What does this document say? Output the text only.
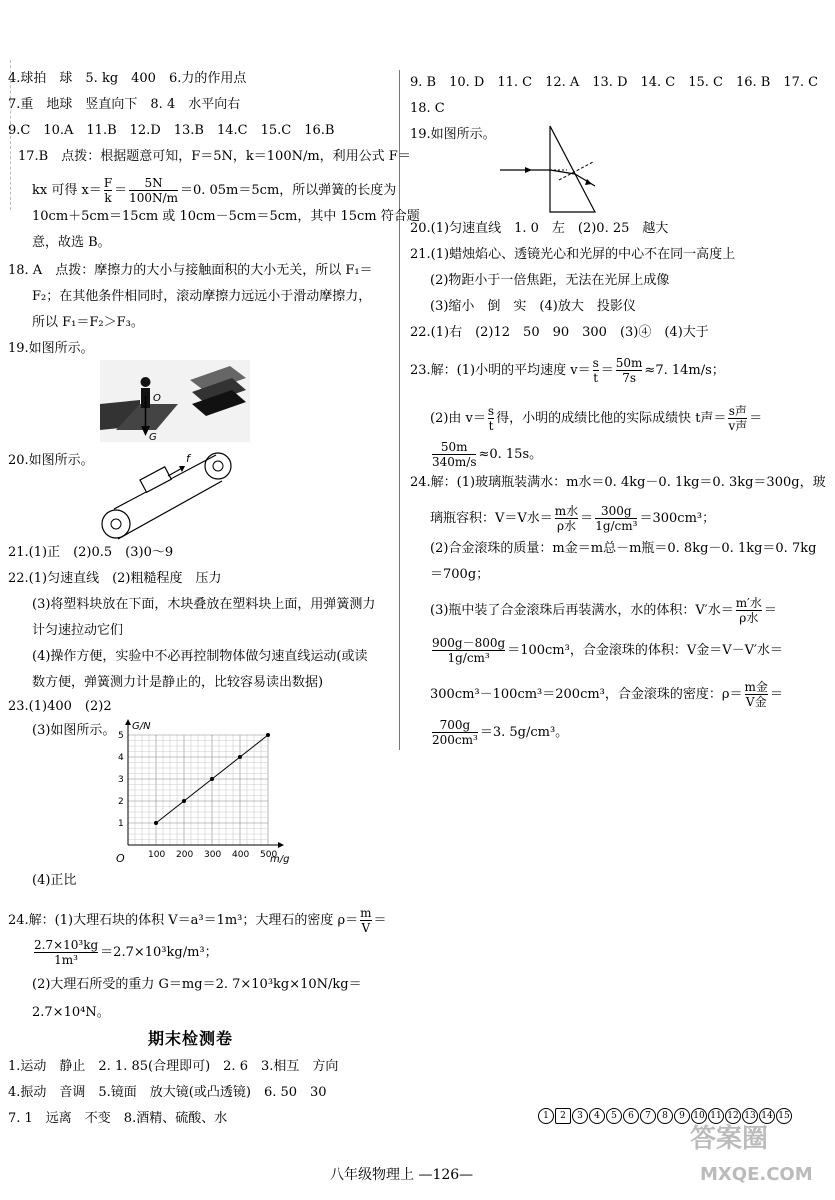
4.球拍　球　5. kg　400　6.力的作用点
7.重　地球　竖直向下　8. 4　水平向右
9.C　10.A　11.B　12.D　13.B　14.C　15.C　16.B
17.B　点拨：根据题意可知，F＝5N，k＝100N/m，利用公式 F＝
kx 可得 $x= \frac{F}{k} = \frac{5N}{100N/m} =0$. 05m＝5cm，所以弹簧的长度为
10cm＋5cm＝15cm 或 10cm－5cm＝5cm，其中 15cm 符合题
意，故选 B。
18. A　点拨：摩擦力的大小与接触面积的大小无关，所以 F₁＝
F₂；在其他条件相同时，滚动摩擦力远远小于滑动摩擦力，
所以 F₁＝F₂＞F₃。
19.如图所示。
O
G
20.如图所示。	f
21.(1)正　(2)0.5　(3)0～9
22.(1)匀速直线　(2)粗糙程度　压力
(3)将塑料块放在下面，木块叠放在塑料块上面，用弹簧测力
计匀速拉动它们
(4)操作方便，实验中不必再控制物体做匀速直线运动(或读
数方便，弹簧测力计是静止的，比较容易读出数据)
23.(1)400　(2)2
(3)如图所示。
100 200 300 400 500
1
2
3
4
5
G/N
m/g
O
(4)正比
24.解：(1)大理石块的体积 V＝a³＝1m³；大理石的密度 $\rho= \frac{m}{V}$ ＝
$\frac{\text{2.7×10³kg}}{\text{1m³}} =2.7\times 10^3kg/m^3$；
(2)大理石所受的重力 G＝mg＝2. 7×10³kg×10N/kg＝
2.7×10⁴N。
期末检测卷
1.运动　静止　2. 1. 85(合理即可)　2. 6　3.相互　方向
4.振动　音调　5.镜面　放大镜(或凸透镜)　6. 50　30
7. 1　远离　不变　8.酒精、硫酸、水
9. B　10. D　11. C　12. A　13. D　14. C　15. C　16. B　17. C
18. C
19.如图所示。
20.(1)匀速直线　1. 0　左　(2)0. 25　越大
21.(1)蜡烛焰心、透镜光心和光屏的中心不在同一高度上
(2)物距小于一倍焦距，无法在光屏上成像
(3)缩小　倒　实　(4)放大　投影仪
22.(1)右　(2)12　50　90　300　(3)④　(4)大于
23.解：(1)小明的平均速度 $v= \frac{s}{t} = \frac{50m}{7s} \approx 7$. 14m/s；
(2)由 $v= \frac{s}{t}$ 得，小明的成绩比他的实际成绩快 t声＝ $\frac{\text{s声}}{\text{v声}}$ ＝
$\frac{50m}{340m/s} \approx 0$. 15s。
24.解：(1)玻璃瓶装满水：m水＝0. 4kg－0. 1kg＝0. 3kg＝300g，玻
璃瓶容积：V＝V水＝ $\frac{\text{m水}}{\text{ρ水}} = \frac{300g}{\text{1g/cm³}} =300cm^3$；
(2)合金滚珠的质量：m金＝m总－m瓶＝0. 8kg－0. 1kg＝0. 7kg
＝700g；
(3)瓶中装了合金滚珠后再装满水，水的体积：V′水＝ $\frac{\text{m′水}}{\text{ρ水}}$ ＝
$\frac{900g-800g}{\text{1g/cm³}} =100cm^3$，合金滚珠的体积：V金＝V－V′水＝
300cm³－100cm³＝200cm³，合金滚珠的密度：$\rho= \frac{\text{m金}}{\text{V金}}$ ＝
$\frac{700g}{\text{200cm³}} =3$. 5g/cm³。
1 2 3 4 5 6 7 8 9 10 11 12 13 14 15
八年级物理上 —126—
答案圈
MXQE.COM
